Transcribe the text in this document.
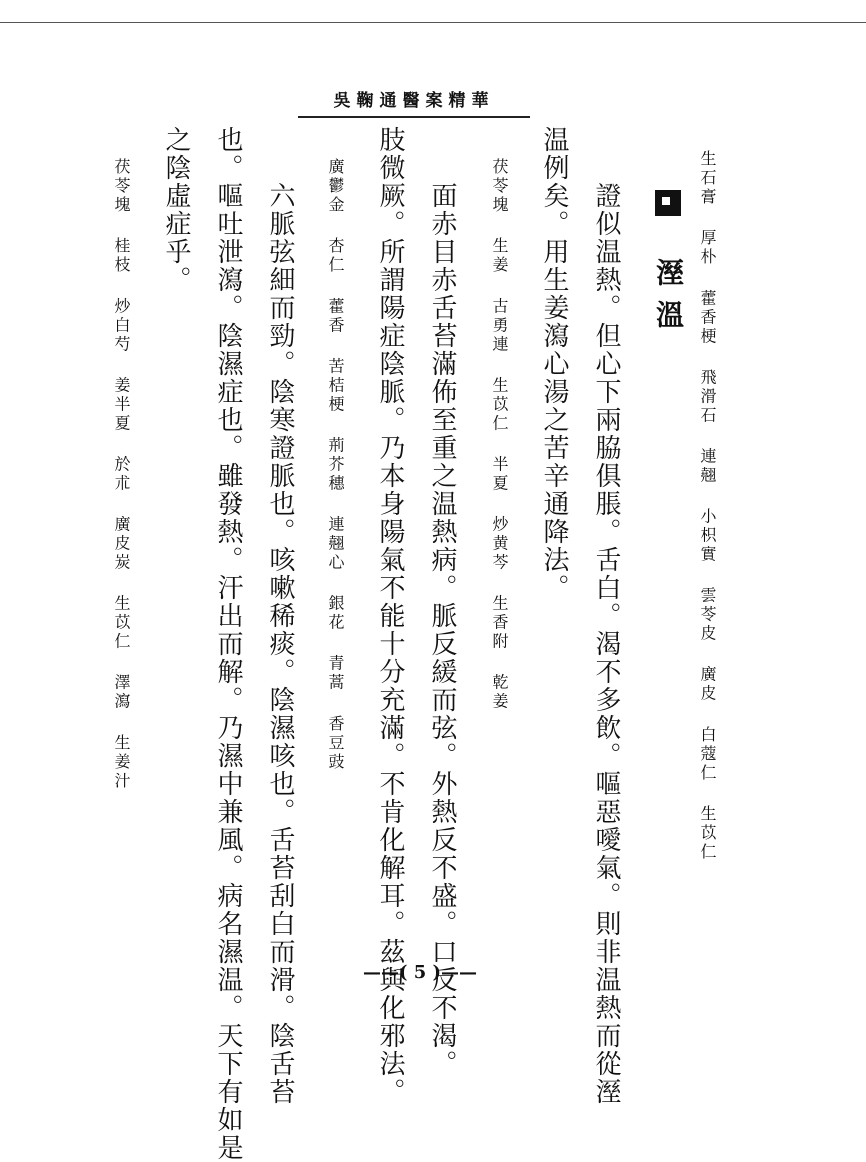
吳鞠通醫案精華
生石膏 厚朴 藿香梗 飛滑石 連翹 小枳實 雲苓皮 廣皮 白蔻仁 生苡仁
溼溫
證似温熱。但心下兩脇俱脹。舌白。渴不多飲。嘔惡噯氣。則非温熱而從溼
温例矣。用生姜瀉心湯之苦辛通降法。
茯苓塊 生姜 古勇連 生苡仁 半夏 炒黄芩 生香附 乾姜
面赤目赤舌苔滿佈至重之温熱病。脈反緩而弦。外熱反不盛。口反不渴。
肢微厥。所謂陽症陰脈。乃本身陽氣不能十分充滿。不肯化解耳。茲與化邪法。
廣鬱金 杏仁 藿香 苦桔梗 荊芥穗 連翹心 銀花 青蒿 香豆豉
六脈弦細而勁。陰寒證脈也。咳嗽稀痰。陰濕咳也。舌苔刮白而滑。陰舌苔
也。嘔吐泄瀉。陰濕症也。雖發熱。汗出而解。乃濕中兼風。病名濕温。天下有如是
之陰虛症乎。
茯苓塊 桂枝 炒白芍 姜半夏 於朮 廣皮炭 生苡仁 澤瀉 生姜汁
——( 5 )——
